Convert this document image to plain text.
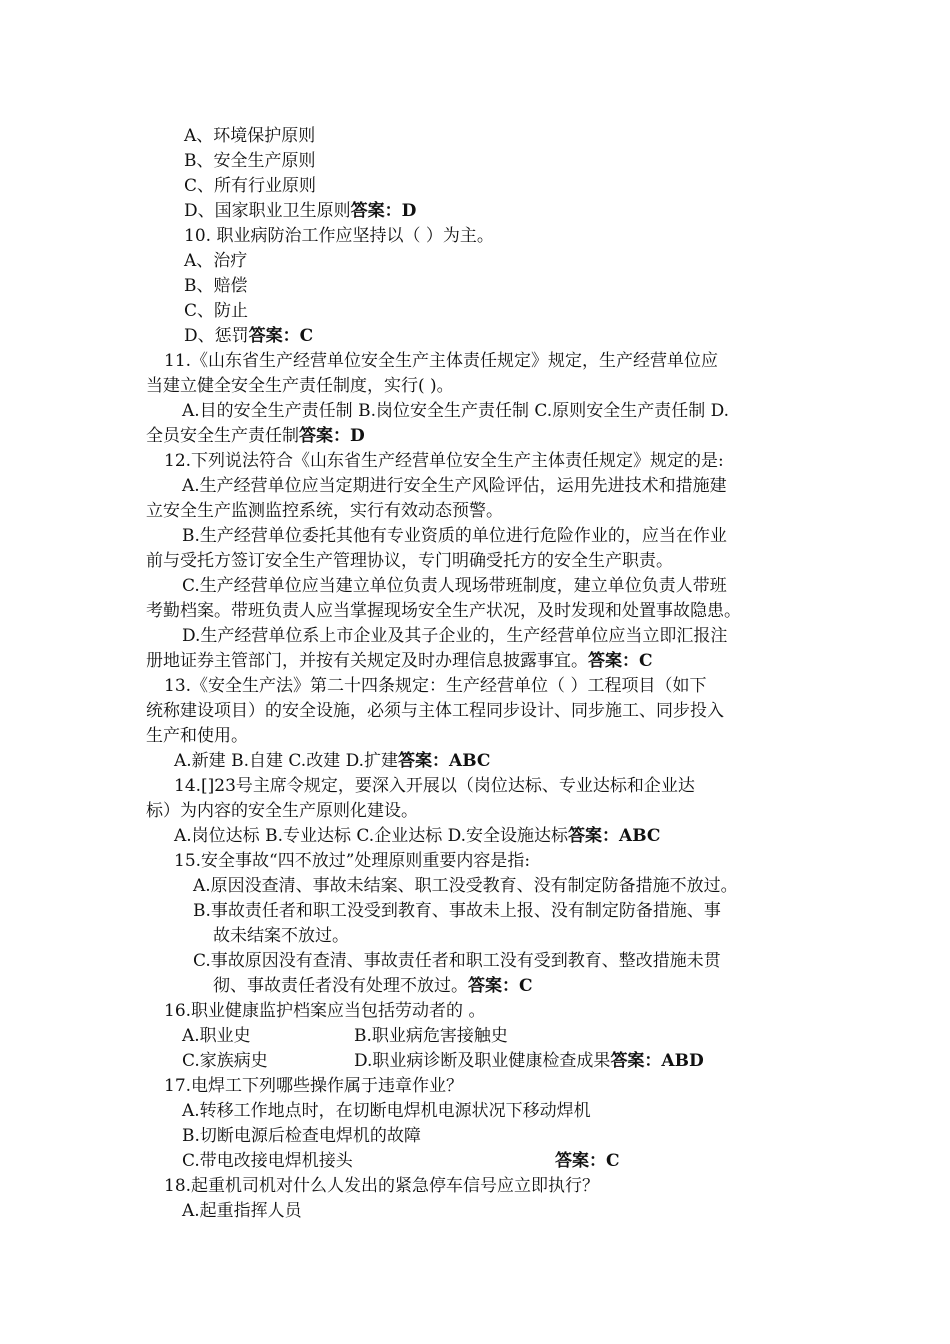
A、环境保护原则
B、安全生产原则
C、所有行业原则
D、国家职业卫生原则答案：D
10. 职业病防治工作应坚持以（ ）为主。
A、治疗
B、赔偿
C、防止
D、惩罚答案：C
11.《山东省生产经营单位安全生产主体责任规定》规定，生产经营单位应
当建立健全安全生产责任制度，实行( )。
A.目的安全生产责任制 B.岗位安全生产责任制 C.原则安全生产责任制 D.
全员安全生产责任制答案：D
12.下列说法符合《山东省生产经营单位安全生产主体责任规定》规定的是:
A.生产经营单位应当定期进行安全生产风险评估，运用先进技术和措施建
立安全生产监测监控系统，实行有效动态预警。
B.生产经营单位委托其他有专业资质的单位进行危险作业的，应当在作业
前与受托方签订安全生产管理协议，专门明确受托方的安全生产职责。
C.生产经营单位应当建立单位负责人现场带班制度，建立单位负责人带班
考勤档案。带班负责人应当掌握现场安全生产状况，及时发现和处置事故隐患。
D.生产经营单位系上市企业及其子企业的，生产经营单位应当立即汇报注
册地证券主管部门，并按有关规定及时办理信息披露事宜。答案：C
13.《安全生产法》第二十四条规定：生产经营单位（ ）工程项目（如下
统称建设项目）的安全设施，必须与主体工程同步设计、同步施工、同步投入
生产和使用。
A.新建 B.自建 C.改建 D.扩建答案：ABC
14.[]23号主席令规定，要深入开展以（岗位达标、专业达标和企业达
标）为内容的安全生产原则化建设。
A.岗位达标 B.专业达标 C.企业达标 D.安全设施达标答案：ABC
15.安全事故“四不放过”处理原则重要内容是指:
A.原因没查清、事故未结案、职工没受教育、没有制定防备措施不放过。
B.事故责任者和职工没受到教育、事故未上报、没有制定防备措施、事
故未结案不放过。
C.事故原因没有查清、事故责任者和职工没有受到教育、整改措施未贯
彻、事故责任者没有处理不放过。答案：C
16.职业健康监护档案应当包括劳动者的 。
A.职业史	B.职业病危害接触史
C.家族病史	D.职业病诊断及职业健康检查成果答案：ABD
17.电焊工下列哪些操作属于违章作业？
A.转移工作地点时，在切断电焊机电源状况下移动焊机
B.切断电源后检查电焊机的故障
C.带电改接电焊机接头	答案：C
18.起重机司机对什么人发出的紧急停车信号应立即执行？
A.起重指挥人员
